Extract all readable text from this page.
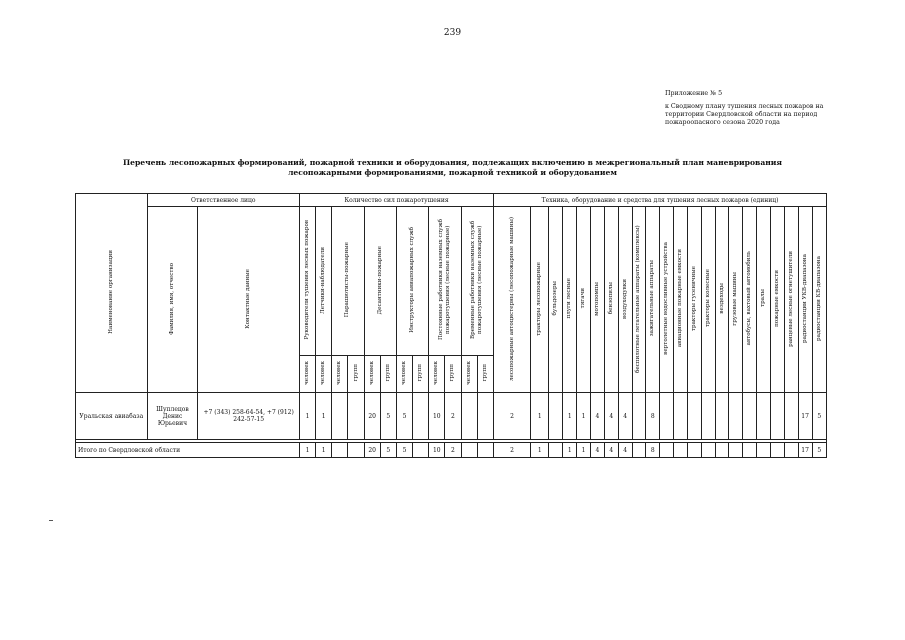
239
Приложение № 5
к Сводному плану тушения лесных пожаров на территории Свердловской области на период пожароопасного сезона 2020 года
Перечень лесопожарных формирований, пожарной техники и оборудования, подлежащих включению в межрегиональный план маневрирования лесопожарными формированиями, пожарной техникой и оборудованием
Наименование организации	Ответственное лицо		Количество сил пожаротушения												Техника, оборудование и средства для тушения лесных пожаров (единиц)																					
	Фамилия, имя, отчество	Контактные данные	Руководители тушения лесных пожаров	Летчики-наблюдатели	Парашютисты-пожарные		Десантники-пожарные		Инструкторы авиапожарных служб		Постоянные работники наземных служб пожаротушения (лесные пожарные)		Временные работники наземных служб пожаротушения (лесные пожарные)		лесопожарные автоцистерны (лесопожарные машины)	тракторы лесопожарные	бульдозеры	плуги лесные	тягачи	мотопомпы	бензопилы	воздуходувки	беспилотные летательные аппараты (комплексы)	зажигательные аппараты	вертолетные водосливные устройства	авиационные пожарные емкости	тракторы гусеничные	тракторы колесные	вездеходы	грузовые машины	автобусы, вахтовый автомобиль	тралы	пожарные емкости	ранцевые лесные огнетушители	радиостанции УКВ-диапазона	радиостанции КВ-диапазона
			человек	человек	человек	групп	человек	групп	человек	групп	человек	групп	человек	групп																						
Уральская авиабаза	Шуплецов Денис Юрьевич	+7 (343) 258-64-54, +7 (912) 242-57-15	1	1			20	5	5		10	2			2	1		1	1	4	4	4		8											17	5

Итого по Свердловской области			1	1			20	5	5		10	2			2	1		1	1	4	4	4		8											17	5
